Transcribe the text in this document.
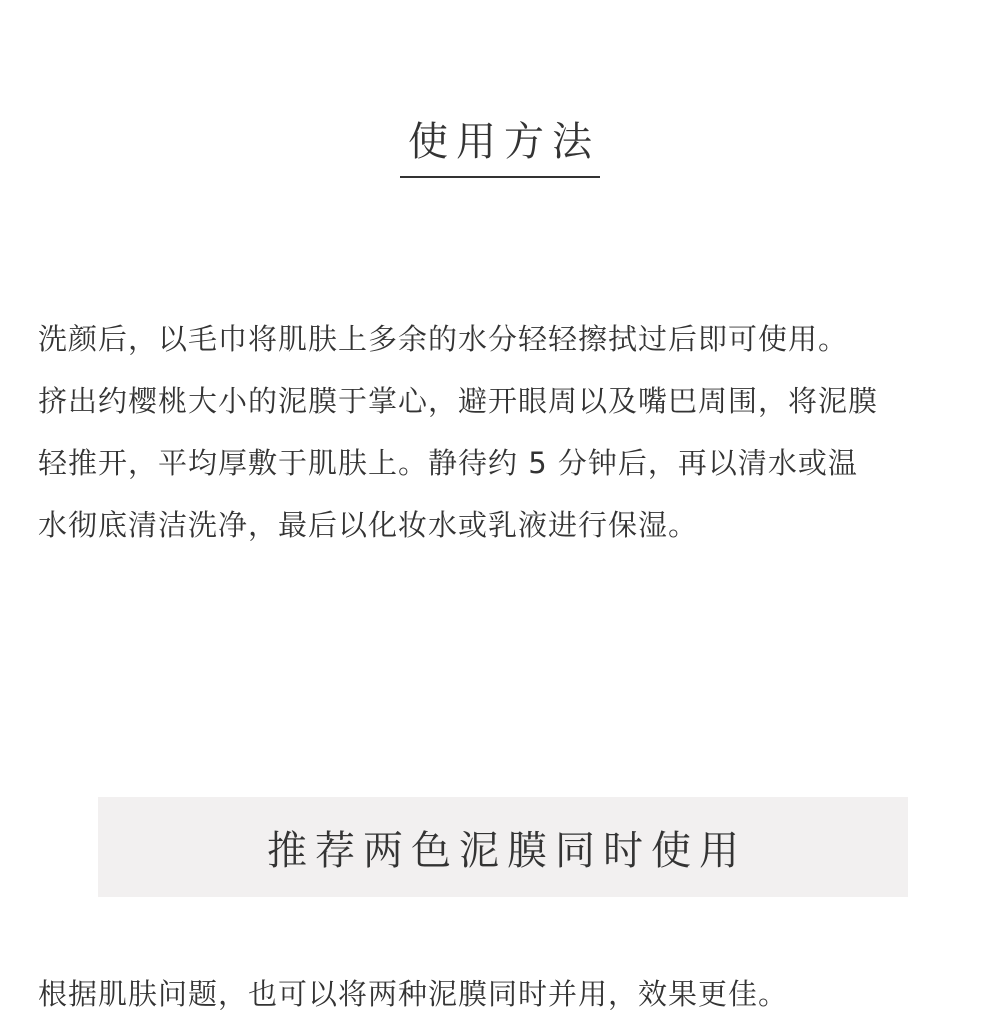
使用方法
洗颜后，以毛巾将肌肤上多余的水分轻轻擦拭过后即可使用。
挤出约樱桃大小的泥膜于掌心，避开眼周以及嘴巴周围，将泥膜
轻推开，平均厚敷于肌肤上。静待约 5 分钟后，再以清水或温
水彻底清洁洗净，最后以化妆水或乳液进行保湿。
推荐两色泥膜同时使用
根据肌肤问题，也可以将两种泥膜同时并用，效果更佳。
